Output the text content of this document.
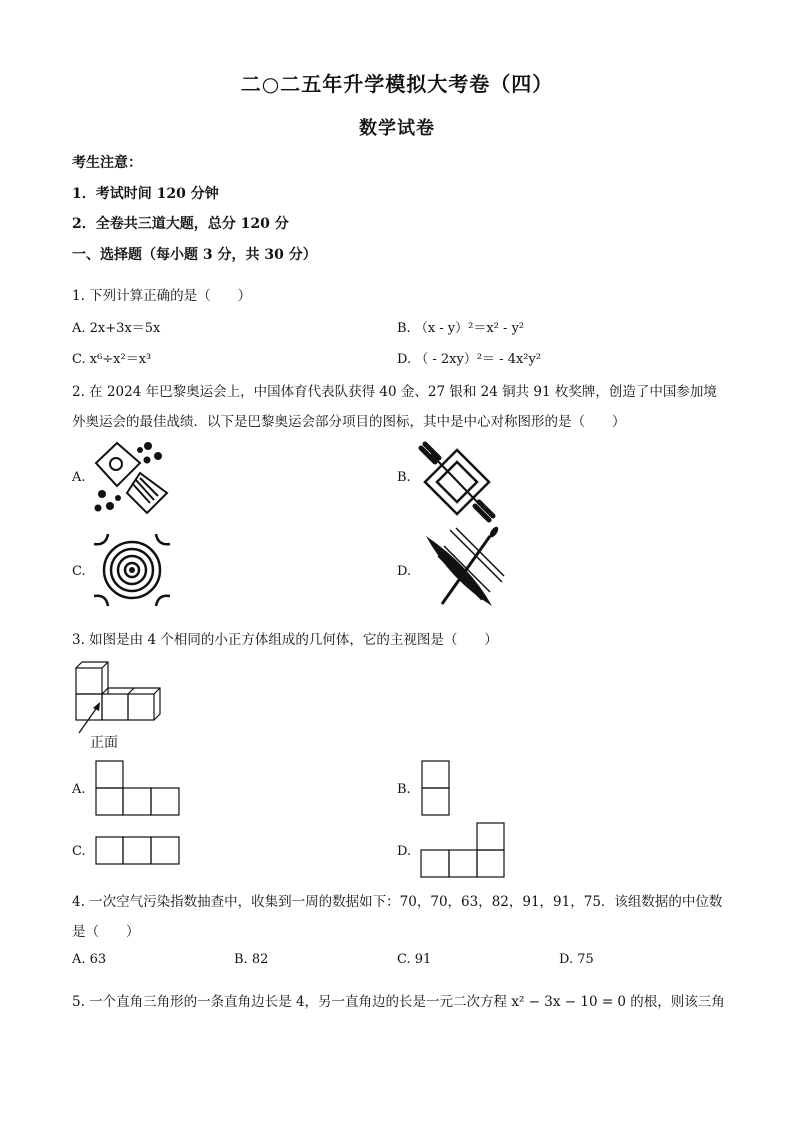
二○二五年升学模拟大考卷（四）
数学试卷
考生注意：
1．考试时间 120 分钟
2．全卷共三道大题，总分 120 分
一、选择题（每小题 3 分，共 30 分）
1. 下列计算正确的是（　　）
A. 2x+3x＝5x	B. （x - y）²＝x² - y²
C. x⁶÷x²＝x³	D. （ - 2xy）²＝ - 4x²y²
2. 在 2024 年巴黎奥运会上，中国体育代表队获得 40 金、27 银和 24 铜共 91 枚奖牌，创造了中国参加境
外奥运会的最佳战绩．以下是巴黎奥运会部分项目的图标，其中是中心对称图形的是（　　）
A.	B.
C.	D.
3. 如图是由 4 个相同的小正方体组成的几何体，它的主视图是（　　）
正面
A.	B.
C.	D.
4. 一次空气污染指数抽查中，收集到一周的数据如下：70，70，63，82，91，91，75．该组数据的中位数
是（　　）
A. 63	B. 82	C. 91	D. 75
5. 一个直角三角形的一条直角边长是 4，另一直角边的长是一元二次方程 x² − 3x − 10 = 0 的根，则该三角
